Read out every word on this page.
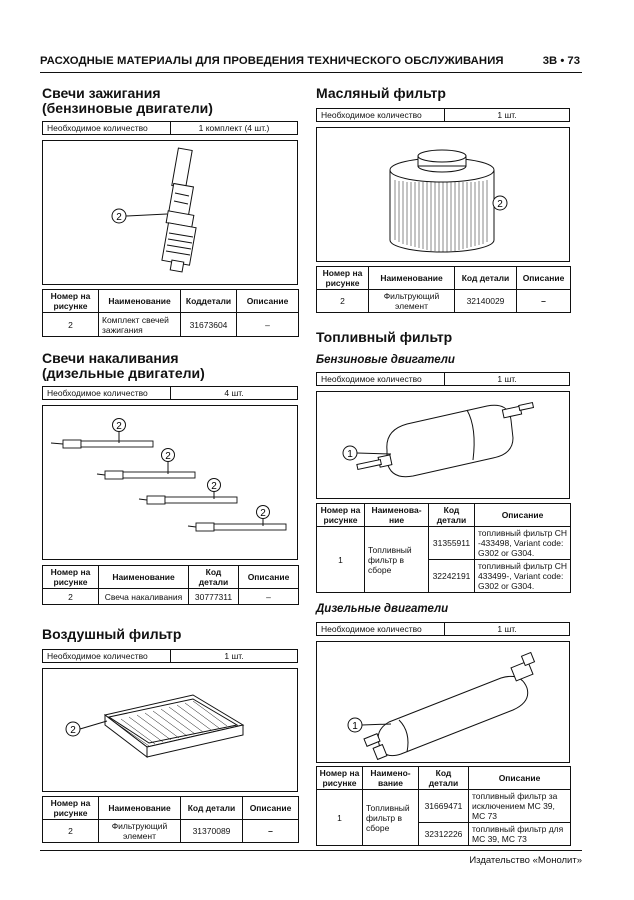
РАСХОДНЫЕ МАТЕРИАЛЫ ДЛЯ ПРОВЕДЕНИЯ ТЕХНИЧЕСКОГО ОБСЛУЖИВАНИЯ	3В • 73
Свечи зажигания
(бензиновые двигатели)
Необходимое количество	1 комплект (4 шт.)
2
Номер на рисунке	Наименование	Коддетали	Описание
2	Комплект свечей зажигания	31673604	–
Свечи накаливания
(дизельные двигатели)
Необходимое количество	4 шт.
2
2
2
2
Номер на рисунке	Наименование	Код детали	Описание
2	Свеча накаливания	30777311	–
Воздушный фильтр
Необходимое количество	1 шт.
2
Номер на рисунке	Наименование	Код детали	Описание
2	Фильтрующий элемент	31370089	–
Масляный фильтр
Необходимое количество	1 шт.
2
Номер на рисунке	Наименование	Код детали	Описание
2	Фильтрующий элемент	32140029	–
Топливный фильтр
Бензиновые двигатели
Необходимое количество	1 шт.
1
Номер на рисунке	Наименова-ние	Код детали	Описание
1	Топливный фильтр в сборе	31355911	топливный фильтр CH -433498, Variant code: G302 or G304.
		32242191	топливный фильтр CH 433499-, Variant code: G302 or G304.
Дизельные двигатели
Необходимое количество	1 шт.
1
Номер на рисунке	Наимено-вание	Код детали	Описание
1	Топливный фильтр в сборе	31669471	топливный фильтр за исключением MC 39, MC 73
		32312226	топливный фильтр для MC 39, MC 73
Издательство «Монолит»
